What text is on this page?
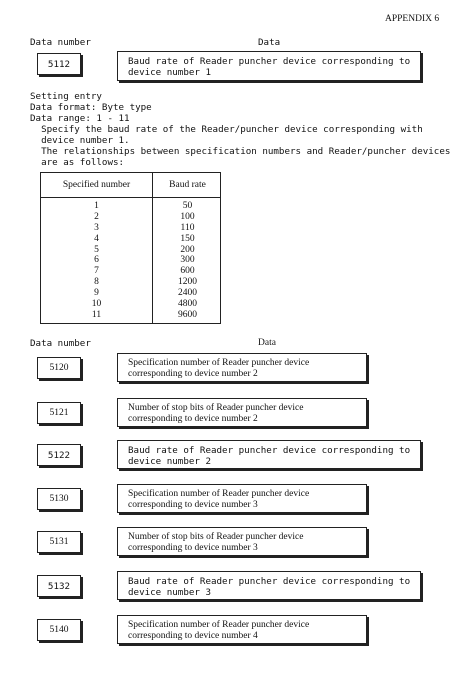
APPENDIX 6
Data number	Data
5112	Baud rate of Reader puncher device corresponding to
device number 1
Setting entry
Data format: Byte type
Data range: 1 - 11
Specify the baud rate of the Reader/puncher device corresponding with
device number 1.
The relationships between specification numbers and Reader/puncher devices
are as follows:
Specified number	Baud rate
1	50
2	100
3	110
4	150
5	200
6	300
7	600
8	1200
9	2400
10	4800
11	9600
Data number	Data
5120	Specification number of Reader puncher device
corresponding to device number 2
5121	Number of stop bits of Reader puncher device
corresponding to device number 2
5122	Baud rate of Reader puncher device corresponding to
device number 2
5130	Specification number of Reader puncher device
corresponding to device number 3
5131	Number of stop bits of Reader puncher device
corresponding to device number 3
5132	Baud rate of Reader puncher device corresponding to
device number 3
5140	Specification number of Reader puncher device
corresponding to device number 4
